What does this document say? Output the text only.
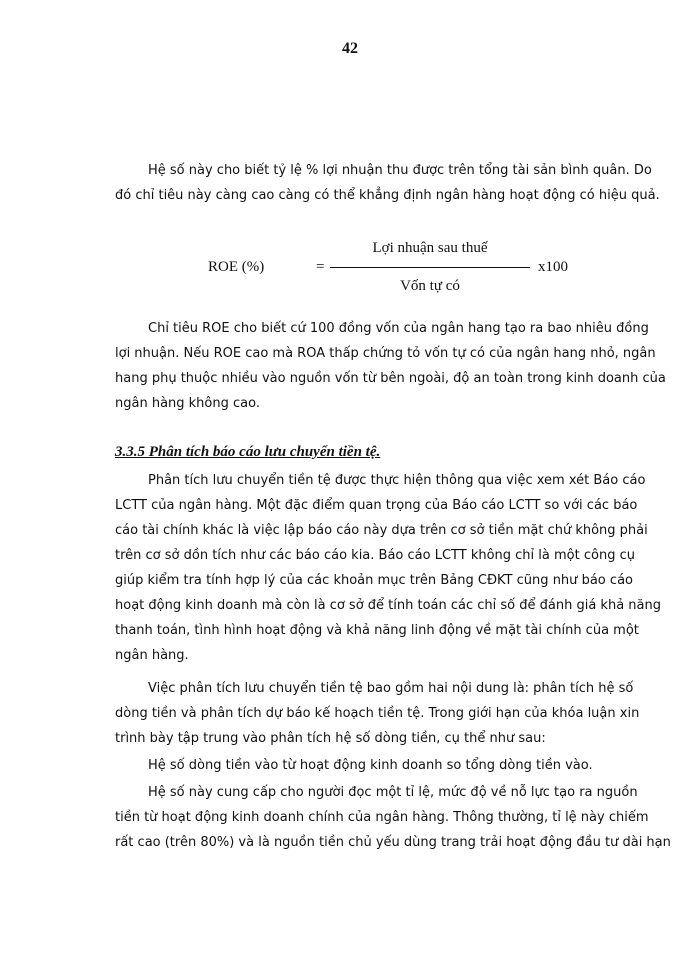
42

Hệ số này cho biết tỷ lệ % lợi nhuận thu được trên tổng tài sản bình quân. Do
đó chỉ tiêu này càng cao càng có thể khẳng định ngân hàng hoạt động có hiệu quả.

ROE (%)	=
Lợi nhuận sau thuế
Vốn tự có
x100

Chỉ tiêu ROE cho biết cứ 100 đồng vốn của ngân hang tạo ra bao nhiêu đồng
lợi nhuận. Nếu ROE cao mà ROA thấp chứng tỏ vốn tự có của ngân hang nhỏ, ngân
hang phụ thuộc nhiều vào nguồn vốn từ bên ngoài, độ an toàn trong kinh doanh của
ngân hàng không cao.

3.3.5 Phân tích báo cáo lưu chuyển tiền tệ.

Phân tích lưu chuyển tiền tệ được thực hiện thông qua việc xem xét Báo cáo
LCTT của ngân hàng. Một đặc điểm quan trọng của Báo cáo LCTT so với các báo
cáo tài chính khác là việc lập báo cáo này dựa trên cơ sở tiền mặt chứ không phải
trên cơ sở dồn tích như các báo cáo kia. Báo cáo LCTT không chỉ là một công cụ
giúp kiểm tra tính hợp lý của các khoản mục trên Bảng CĐKT cũng như báo cáo
hoạt động kinh doanh mà còn là cơ sở để tính toán các chỉ số để đánh giá khả năng
thanh toán, tình hình hoạt động và khả năng linh động về mặt tài chính của một
ngân hàng.

Việc phân tích lưu chuyển tiền tệ bao gồm hai nội dung là: phân tích hệ số
dòng tiền và phân tích dự báo kế hoạch tiền tệ. Trong giới hạn của khóa luận xin
trình bày tập trung vào phân tích hệ số dòng tiền, cụ thể như sau:

Hệ số dòng tiền vào từ hoạt động kinh doanh so tổng dòng tiền vào.

Hệ số này cung cấp cho người đọc một tỉ lệ, mức độ về nỗ lực tạo ra nguồn
tiền từ hoạt động kinh doanh chính của ngân hàng. Thông thường, tỉ lệ này chiếm
rất cao (trên 80%) và là nguồn tiền chủ yếu dùng trang trải hoạt động đầu tư dài hạn
